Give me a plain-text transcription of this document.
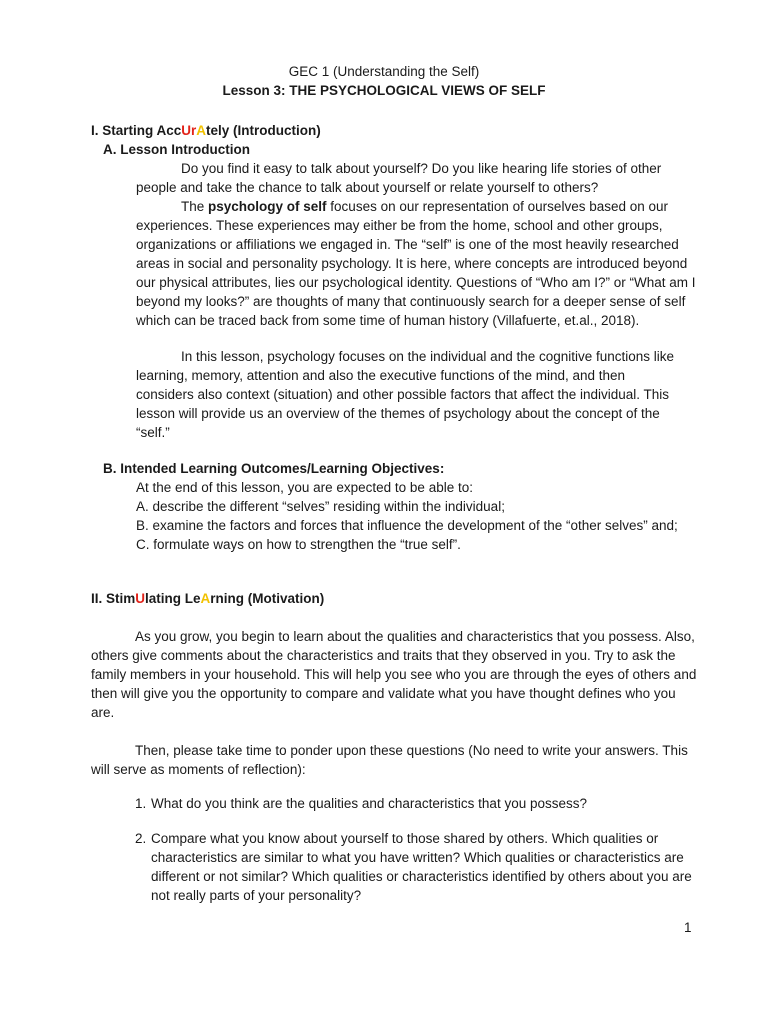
GEC 1 (Understanding the Self)
Lesson 3: THE PSYCHOLOGICAL VIEWS OF SELF
I. Starting AccUrAtely (Introduction)
A. Lesson Introduction

Do you find it easy to talk about yourself? Do you like hearing life stories of other people and take the chance to talk about yourself or relate yourself to others?

The psychology of self focuses on our representation of ourselves based on our experiences. These experiences may either be from the home, school and other groups, organizations or affiliations we engaged in. The “self” is one of the most heavily researched areas in social and personality psychology. It is here, where concepts are introduced beyond our physical attributes, lies our psychological identity. Questions of “Who am I?” or “What am I beyond my looks?” are thoughts of many that continuously search for a deeper sense of self which can be traced back from some time of human history (Villafuerte, et.al., 2018).

In this lesson, psychology focuses on the individual and the cognitive functions like learning, memory, attention and also the executive functions of the mind, and then considers also context (situation) and other possible factors that affect the individual. This lesson will provide us an overview of the themes of psychology about the concept of the “self.”

B. Intended Learning Outcomes/Learning Objectives:
At the end of this lesson, you are expected to be able to:
A. describe the different “selves” residing within the individual;
B. examine the factors and forces that influence the development of the “other selves” and;
C. formulate ways on how to strengthen the “true self”.
II. StimUlating LeArning (Motivation)

As you grow, you begin to learn about the qualities and characteristics that you possess. Also, others give comments about the characteristics and traits that they observed in you. Try to ask the family members in your household. This will help you see who you are through the eyes of others and then will give you the opportunity to compare and validate what you have thought defines who you are.

Then, please take time to ponder upon these questions (No need to write your answers. This will serve as moments of reflection):

1. What do you think are the qualities and characteristics that you possess?
2. Compare what you know about yourself to those shared by others. Which qualities or characteristics are similar to what you have written? Which qualities or characteristics are different or not similar? Which qualities or characteristics identified by others about you are not really parts of your personality?
1
